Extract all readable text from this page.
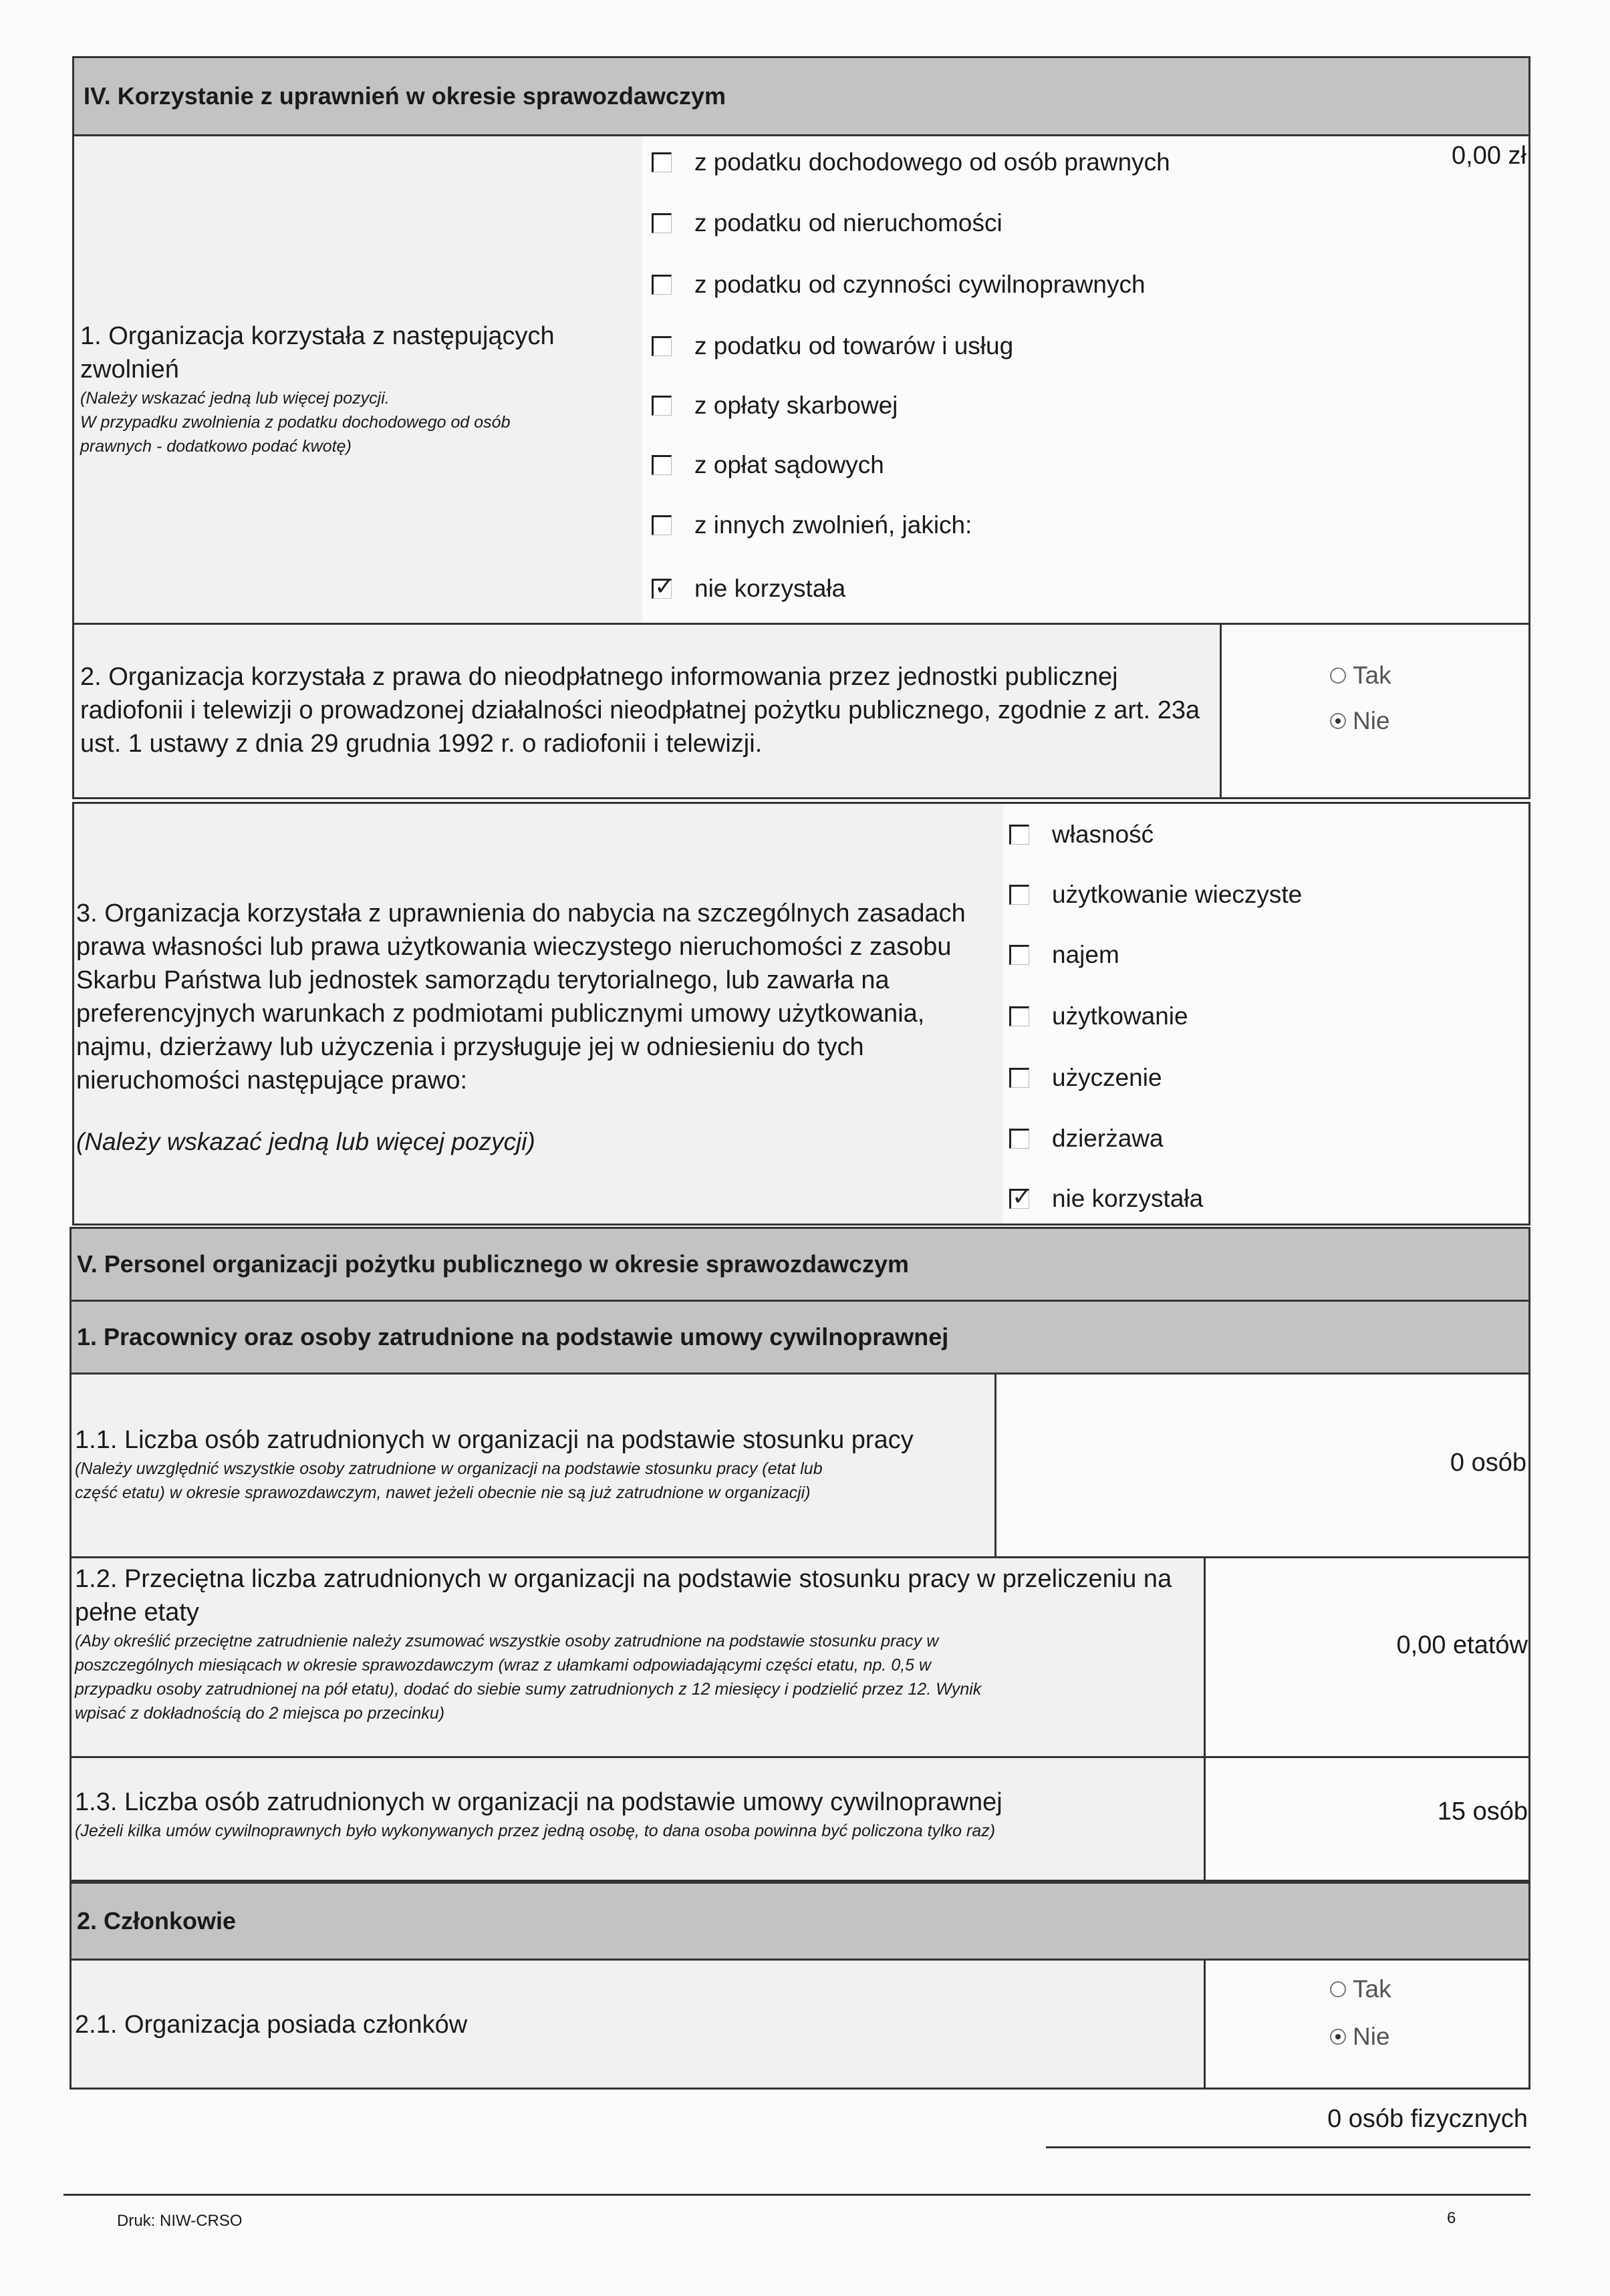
IV. Korzystanie z uprawnień w okresie sprawozdawczym
1. Organizacja korzystała z następujących zwolnień
(Należy wskazać jedną lub więcej pozycji.
W przypadku zwolnienia z podatku dochodowego od osób
prawnych - dodatkowo podać kwotę)
0,00 zł
z podatku dochodowego od osób prawnych
z podatku od nieruchomości
z podatku od czynności cywilnoprawnych
z podatku od towarów i usług
z opłaty skarbowej
z opłat sądowych
z innych zwolnień, jakich:
✓
nie korzystała
2. Organizacja korzystała z prawa do nieodpłatnego informowania przez jednostki publicznej
radiofonii i telewizji o prowadzonej działalności nieodpłatnej pożytku publicznego, zgodnie z art. 23a
ust. 1 ustawy z dnia 29 grudnia 1992 r. o radiofonii i telewizji.
Tak
Nie
3. Organizacja korzystała z uprawnienia do nabycia na szczególnych zasadach
prawa własności lub prawa użytkowania wieczystego nieruchomości z zasobu
Skarbu Państwa lub jednostek samorządu terytorialnego, lub zawarła na
preferencyjnych warunkach z podmiotami publicznymi umowy użytkowania,
najmu, dzierżawy lub użyczenia i przysługuje jej w odniesieniu do tych
nieruchomości następujące prawo:
(Należy wskazać jedną lub więcej pozycji)
własność
użytkowanie wieczyste
najem
użytkowanie
użyczenie
dzierżawa
✓
nie korzystała
V. Personel organizacji pożytku publicznego w okresie sprawozdawczym
1. Pracownicy oraz osoby zatrudnione na podstawie umowy cywilnoprawnej
1.1. Liczba osób zatrudnionych w organizacji na podstawie stosunku pracy
(Należy uwzględnić wszystkie osoby zatrudnione w organizacji na podstawie stosunku pracy (etat lub
część etatu) w okresie sprawozdawczym, nawet jeżeli obecnie nie są już zatrudnione w organizacji)
0 osób
1.2. Przeciętna liczba zatrudnionych w organizacji na podstawie stosunku pracy w przeliczeniu na
pełne etaty
(Aby określić przeciętne zatrudnienie należy zsumować wszystkie osoby zatrudnione na podstawie stosunku pracy w
poszczególnych miesiącach w okresie sprawozdawczym (wraz z ułamkami odpowiadającymi części etatu, np. 0,5 w
przypadku osoby zatrudnionej na pół etatu), dodać do siebie sumy zatrudnionych z 12 miesięcy i podzielić przez 12. Wynik
wpisać z dokładnością do 2 miejsca po przecinku)
0,00 etatów
1.3. Liczba osób zatrudnionych w organizacji na podstawie umowy cywilnoprawnej
(Jeżeli kilka umów cywilnoprawnych było wykonywanych przez jedną osobę, to dana osoba powinna być policzona tylko raz)
15 osób
2. Członkowie
2.1. Organizacja posiada członków
Tak
Nie
0 osób fizycznych
Druk: NIW-CRSO	6
